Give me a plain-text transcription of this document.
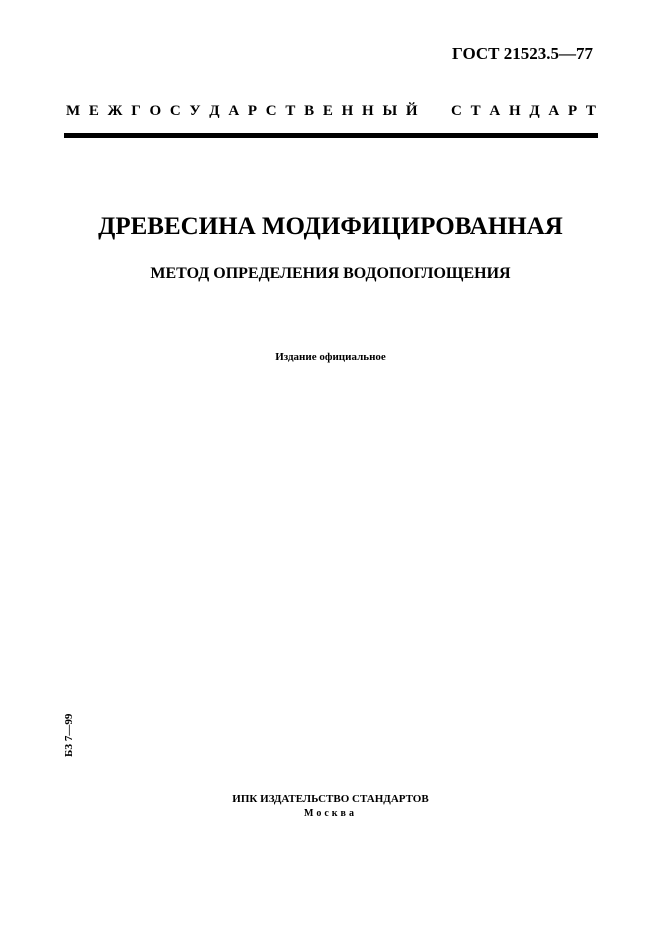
ГОСТ 21523.5—77
М Е Ж Г О С У Д А Р С Т В Е Н Н Ы Й С Т А Н Д А Р Т
ДРЕВЕСИНА МОДИФИЦИРОВАННАЯ
МЕТОД ОПРЕДЕЛЕНИЯ ВОДОПОГЛОЩЕНИЯ
Издание официальное
БЗ 7—99
ИПК ИЗДАТЕЛЬСТВО СТАНДАРТОВ
Москва
